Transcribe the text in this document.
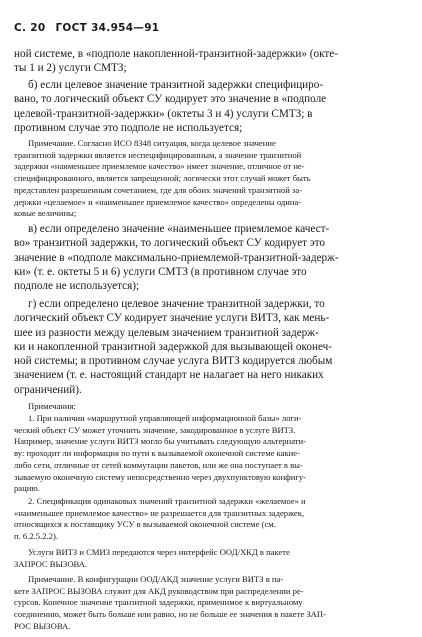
С. 20 ГОСТ 34.954—91
ной системе, в «подполе накопленной-транзитной-задержки» (окте-
ты 1 и 2) услуги СМТЗ;
б) если целевое значение транзитной задержки специфициро-
вано, то логический объект СУ кодирует это значение в «подполе
целевой-транзитной-задержки» (октеты 3 и 4) услуги СМТЗ; в
противном случае это подполе не используется;
Примечание. Согласно ИСО 8348 ситуация, когда целевое значение
транзитной задержки является неспецифицированным, а значение транзитной
задержки «наименьшее приемлемое качество» имеет значение, отличное от не-
специфицированного, является запрещенной; логически этот случай может быть
представлен разрешенным сочетанием, где для обоих значений транзитной за-
держки «целаемое» и «наименьшее приемлемое качество» определены одина-
ковые величины;
в) если определено значение «наименьшее приемлемое качест-
во» транзитной задержки, то логический объект СУ кодирует это
значение в «подполе максимально-приемлемой-транзитной-задерж-
ки» (т. е. октеты 5 и 6) услуги СМТЗ (в противном случае это
подполе не используется);
г) если определено целевое значение транзитной задержки, то
логический объект СУ кодирует значение услуги ВИТЗ, как мень-
шее из разности между целевым значением транзитной задерж-
ки и накопленной транзитной задержкой для вызывающей оконеч-
ной системы; в противном случае услуга ВИТЗ кодируется любым
значением (т. е. настоящий стандарт не налагает на него никаких
ограничений).
Примечания:
1. При наличии «маршрутной управляющей информационной базы» логи-
ческий объект СУ может уточнить значение, закодированное в услуге ВИТЗ.
Например, значение услуги ВИТЗ могло бы учитывать следующую альтернати-
ву: проходит ли информация по пути к вызываемой оконечной системе какие-
либо сети, отличные от сетей коммутации пакетов, или же она поступает в вы-
зываемую оконечную систему непосредственно через двухпунктовую конфигу-
рацию.
2. Спецификация одинаковых значений транзитной задержки «желаемое» и
«наименьшее приемлемое качество» не разрешается для транзитных задержек,
относящихся к поставщику УСУ в вызываемой оконечной системе (см.
п. 6.2.5.2.2).
Услуги ВИТЗ и СМИЗ передаются через интерфейс ООД/ХКД в пакете
ЗАПРОС ВЫЗОВА.
Примечание. В конфигурации ООД/АКД значение услуги ВИТЗ в па-
кете ЗАПРОС ВЫЗОВА служит для АКД руководством при распределении ре-
сурсов. Конечное значение транзитной задержки, применимое к виртуальному
соединению, может быть больше или равно, но не больше ее значения в пакете ЗАП-
РОС ВЫЗОВА.
